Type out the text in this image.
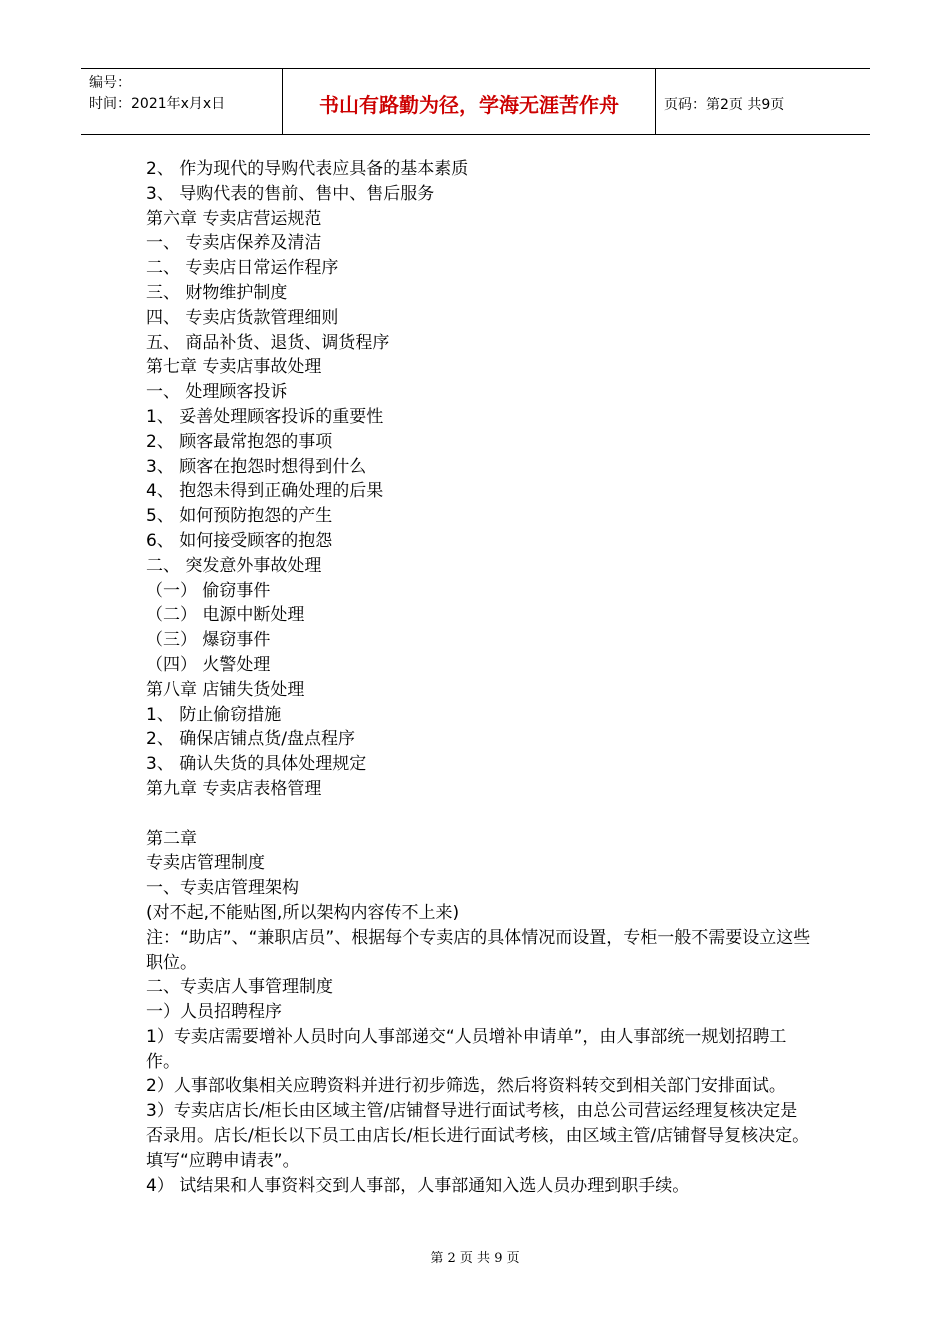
编号：
时间：2021年x月x日	书山有路勤为径，学海无涯苦作舟	页码：第2页 共9页
2、 作为现代的导购代表应具备的基本素质
3、 导购代表的售前、售中、售后服务
第六章 专卖店营运规范
一、 专卖店保养及清洁
二、 专卖店日常运作程序
三、 财物维护制度
四、 专卖店货款管理细则
五、 商品补货、退货、调货程序
第七章 专卖店事故处理
一、 处理顾客投诉
1、 妥善处理顾客投诉的重要性
2、 顾客最常抱怨的事项
3、 顾客在抱怨时想得到什么
4、 抱怨未得到正确处理的后果
5、 如何预防抱怨的产生
6、 如何接受顾客的抱怨
二、 突发意外事故处理
（一） 偷窃事件
（二） 电源中断处理
（三） 爆窃事件
（四） 火警处理
第八章 店铺失货处理
1、 防止偷窃措施
2、 确保店铺点货/盘点程序
3、 确认失货的具体处理规定
第九章 专卖店表格管理
第二章
专卖店管理制度
一、专卖店管理架构
(对不起,不能贴图,所以架构内容传不上来)
注：“助店”、“兼职店员”、根据每个专卖店的具体情况而设置，专柜一般不需要设立这些职位。
二、专卖店人事管理制度
一）人员招聘程序
1）专卖店需要增补人员时向人事部递交“人员增补申请单”，由人事部统一规划招聘工作。
2）人事部收集相关应聘资料并进行初步筛选，然后将资料转交到相关部门安排面试。
3）专卖店店长/柜长由区域主管/店铺督导进行面试考核，由总公司营运经理复核决定是否录用。店长/柜长以下员工由店长/柜长进行面试考核，由区域主管/店铺督导复核决定。填写“应聘申请表”。
4） 试结果和人事资料交到人事部，人事部通知入选人员办理到职手续。
第 2 页 共 9 页
